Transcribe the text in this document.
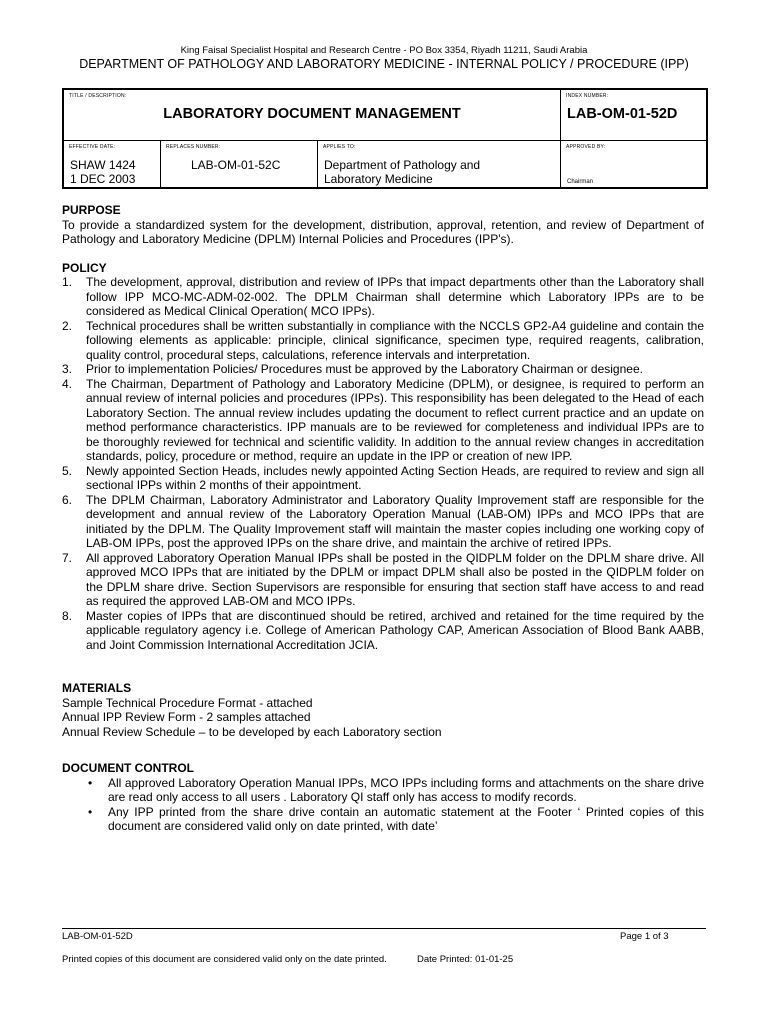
King Faisal Specialist Hospital and Research Centre - PO Box 3354, Riyadh 11211, Saudi Arabia
DEPARTMENT OF PATHOLOGY AND LABORATORY MEDICINE - INTERNAL POLICY / PROCEDURE (IPP)
TITLE / DESCRIPTION:
LABORATORY DOCUMENT MANAGEMENT
INDEX NUMBER:
LAB-OM-01-52D
EFFECTIVE DATE:
SHAW 1424
1 DEC 2003
REPLACES NUMBER:
LAB-OM-01-52C
APPLIES TO:
Department of Pathology and
Laboratory Medicine
APPROVED BY:
Chairman
PURPOSE
To provide a standardized system for the development, distribution, approval, retention, and review of Department of Pathology and Laboratory Medicine (DPLM) Internal Policies and Procedures (IPP's).
POLICY
1. The development, approval, distribution and review of IPPs that impact departments other than the Laboratory shall follow IPP MCO-MC-ADM-02-002. The DPLM Chairman shall determine which Laboratory IPPs are to be considered as Medical Clinical Operation( MCO IPPs).
2. Technical procedures shall be written substantially in compliance with the NCCLS GP2-A4 guideline and contain the following elements as applicable: principle, clinical significance, specimen type, required reagents, calibration, quality control, procedural steps, calculations, reference intervals and interpretation.
3. Prior to implementation Policies/ Procedures must be approved by the Laboratory Chairman or designee.
4. The Chairman, Department of Pathology and Laboratory Medicine (DPLM), or designee, is required to perform an annual review of internal policies and procedures (IPPs). This responsibility has been delegated to the Head of each Laboratory Section. The annual review includes updating the document to reflect current practice and an update on method performance characteristics. IPP manuals are to be reviewed for completeness and individual IPPs are to be thoroughly reviewed for technical and scientific validity. In addition to the annual review changes in accreditation standards, policy, procedure or method, require an update in the IPP or creation of new IPP.
5. Newly appointed Section Heads, includes newly appointed Acting Section Heads, are required to review and sign all sectional IPPs within 2 months of their appointment.
6. The DPLM Chairman, Laboratory Administrator and Laboratory Quality Improvement staff are responsible for the development and annual review of the Laboratory Operation Manual (LAB-OM) IPPs and MCO IPPs that are initiated by the DPLM. The Quality Improvement staff will maintain the master copies including one working copy of LAB-OM IPPs, post the approved IPPs on the share drive, and maintain the archive of retired IPPs.
7. All approved Laboratory Operation Manual IPPs shall be posted in the QIDPLM folder on the DPLM share drive. All approved MCO IPPs that are initiated by the DPLM or impact DPLM shall also be posted in the QIDPLM folder on the DPLM share drive. Section Supervisors are responsible for ensuring that section staff have access to and read as required the approved LAB-OM and MCO IPPs.
8. Master copies of IPPs that are discontinued should be retired, archived and retained for the time required by the applicable regulatory agency i.e. College of American Pathology CAP, American Association of Blood Bank AABB, and Joint Commission International Accreditation JCIA.
MATERIALS
Sample Technical Procedure Format - attached
Annual IPP Review Form - 2 samples attached
Annual Review Schedule – to be developed by each Laboratory section
DOCUMENT CONTROL
• All approved Laboratory Operation Manual IPPs, MCO IPPs including forms and attachments on the share drive are read only access to all users . Laboratory QI staff only has access to modify records.
• Any IPP printed from the share drive contain an automatic statement at the Footer ‘ Printed copies of this document are considered valid only on date printed, with date’
LAB-OM-01-52D	Page 1 of 3
Printed copies of this document are considered valid only on the date printed.	Date Printed: 01-01-25
